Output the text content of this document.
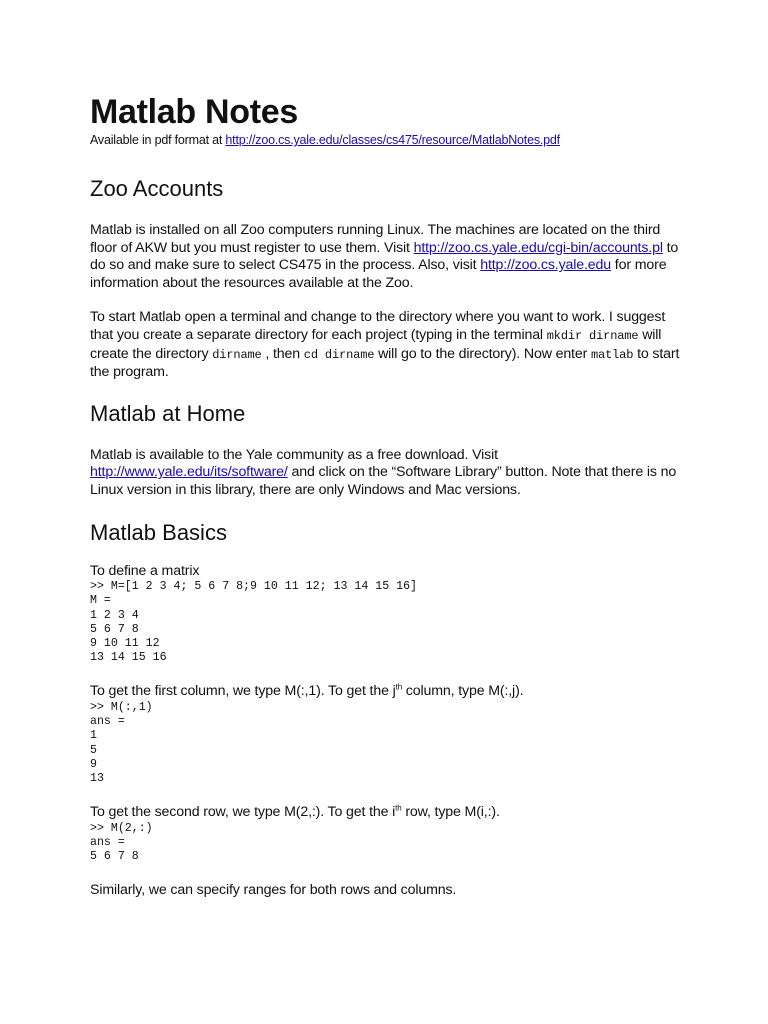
Matlab Notes

Available in pdf format at http://zoo.cs.yale.edu/classes/cs475/resource/MatlabNotes.pdf

Zoo Accounts

Matlab is installed on all Zoo computers running Linux. The machines are located on the third floor of AKW but you must register to use them. Visit http://zoo.cs.yale.edu/cgi-bin/accounts.pl to do so and make sure to select CS475 in the process. Also, visit http://zoo.cs.yale.edu for more information about the resources available at the Zoo.

To start Matlab open a terminal and change to the directory where you want to work. I suggest that you create a separate directory for each project (typing in the terminal mkdir dirname will create the directory dirname , then cd dirname will go to the directory). Now enter matlab to start the program.

Matlab at Home

Matlab is available to the Yale community as a free download. Visit http://www.yale.edu/its/software/ and click on the “Software Library” button. Note that there is no Linux version in this library, there are only Windows and Mac versions.

Matlab Basics

To define a matrix

>> M=[1 2 3 4; 5 6 7 8;9 10 11 12; 13 14 15 16]
M =
1 2 3 4
5 6 7 8
9 10 11 12
13 14 15 16

To get the first column, we type M(:,1). To get the $j^{th}$ column, type M(:,j).

>> M(:,1)
ans =
1
5
9
13

To get the second row, we type M(2,:). To get the $i^{th}$ row, type M(i,:).

>> M(2,:)
ans =
5 6 7 8

Similarly, we can specify ranges for both rows and columns.
